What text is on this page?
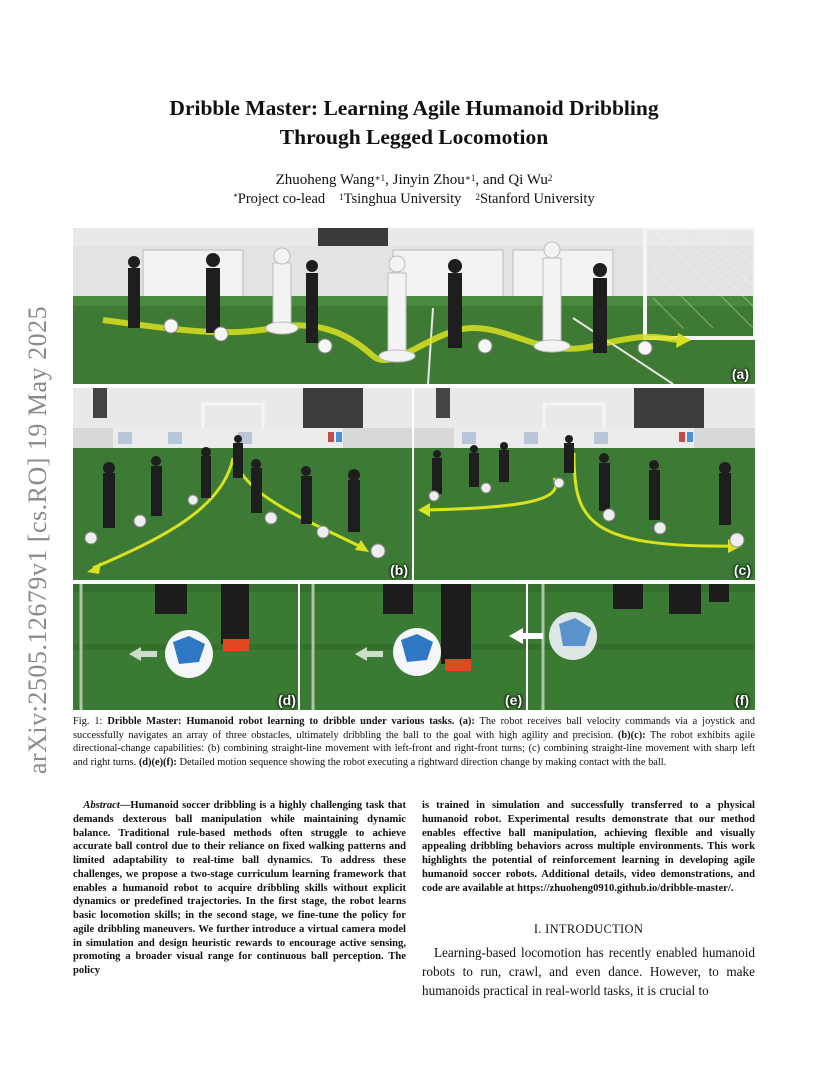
arXiv:2505.12679v1 [cs.RO] 19 May 2025
Dribble Master: Learning Agile Humanoid Dribbling
Through Legged Locomotion
Zhuoheng Wang$^{∗1}$, Jinyin Zhou$^{∗1}$, and Qi Wu$^2$
*Project co-lead $^1$Tsinghua University $^2$Stanford University
(a)
(b)	(c)
(d)	(e)	(f)
Fig. 1: Dribble Master: Humanoid robot learning to dribble under various tasks. (a): The robot receives ball velocity commands via a joystick and successfully navigates an array of three obstacles, ultimately dribbling the ball to the goal with high agility and precision. (b)(c): The robot exhibits agile directional-change capabilities: (b) combining straight-line movement with left-front and right-front turns; (c) combining straight-line movement with sharp left and right turns. (d)(e)(f): Detailed motion sequence showing the robot executing a rightward direction change by making contact with the ball.
Abstract—Humanoid soccer dribbling is a highly challenging task that demands dexterous ball manipulation while maintaining dynamic balance. Traditional rule-based methods often struggle to achieve accurate ball control due to their reliance on fixed walking patterns and limited adaptability to real-time ball dynamics. To address these challenges, we propose a two-stage curriculum learning framework that enables a humanoid robot to acquire dribbling skills without explicit dynamics or predefined trajectories. In the first stage, the robot learns basic locomotion skills; in the second stage, we fine-tune the policy for agile dribbling maneuvers. We further introduce a virtual camera model in simulation and design heuristic rewards to encourage active sensing, promoting a broader visual range for continuous ball perception. The policy
is trained in simulation and successfully transferred to a physical humanoid robot. Experimental results demonstrate that our method enables effective ball manipulation, achieving flexible and visually appealing dribbling behaviors across multiple environments. This work highlights the potential of reinforcement learning in developing agile humanoid soccer robots. Additional details, video demonstrations, and code are available at https://zhuoheng0910.github.io/dribble-master/.
I. INTRODUCTION
Learning-based locomotion has recently enabled humanoid robots to run, crawl, and even dance. However, to make humanoids practical in real-world tasks, it is crucial to
